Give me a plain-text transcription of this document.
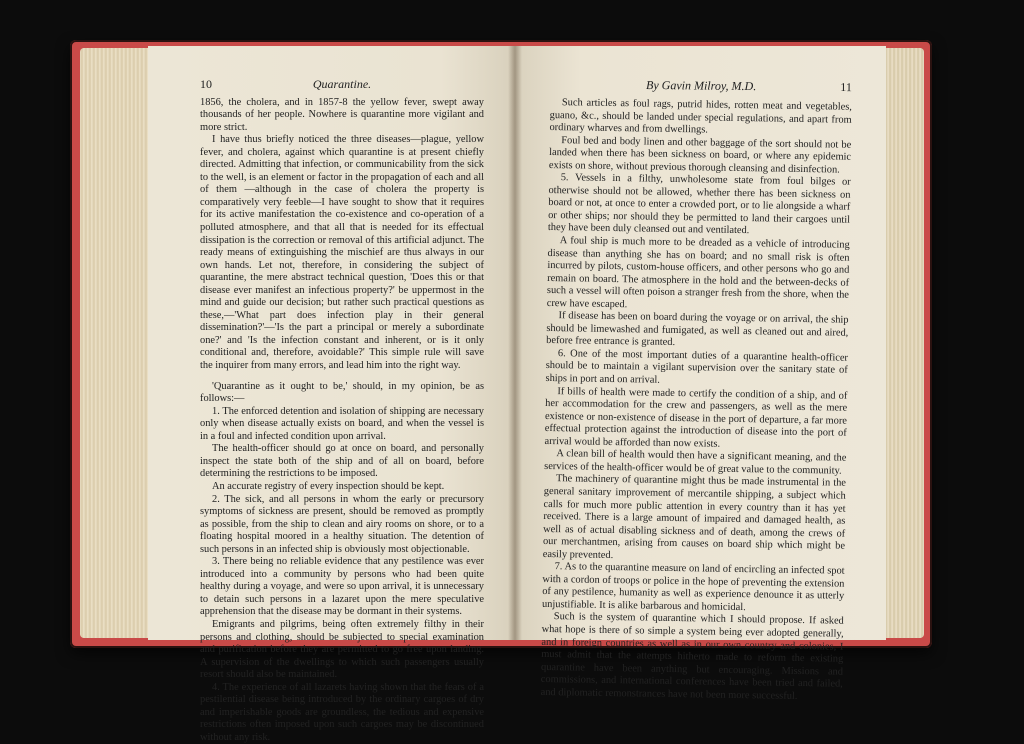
10	Quarantine.

1856, the cholera, and in 1857-8 the yellow fever, swept away thousands of her people. Nowhere is quarantine more vigilant and more strict.

I have thus briefly noticed the three diseases—plague, yellow fever, and cholera, against which quarantine is at present chiefly directed. Admitting that infection, or communicability from the sick to the well, is an element or factor in the propagation of each and all of them —although in the case of cholera the property is comparatively very feeble—I have sought to show that it requires for its active manifestation the co-existence and co-operation of a polluted atmosphere, and that all that is needed for its effectual dissipation is the correction or removal of this artificial adjunct. The ready means of extinguishing the mischief are thus always in our own hands. Let not, therefore, in considering the subject of quarantine, the mere abstract technical question, 'Does this or that disease ever manifest an infectious property?' be uppermost in the mind and guide our decision; but rather such practical questions as these,—'What part does infection play in their general dissemination?'—'Is the part a principal or merely a subordinate one?' and 'Is the infection constant and inherent, or is it only conditional and, therefore, avoidable?' This simple rule will save the inquirer from many errors, and lead him into the right way.

'Quarantine as it ought to be,' should, in my opinion, be as follows:—

1. The enforced detention and isolation of shipping are necessary only when disease actually exists on board, and when the vessel is in a foul and infected condition upon arrival.

The health-officer should go at once on board, and personally inspect the state both of the ship and of all on board, before determining the restrictions to be imposed.

An accurate registry of every inspection should be kept.

2. The sick, and all persons in whom the early or precursory symptoms of sickness are present, should be removed as promptly as possible, from the ship to clean and airy rooms on shore, or to a floating hospital moored in a healthy situation. The detention of such persons in an infected ship is obviously most objectionable.

3. There being no reliable evidence that any pestilence was ever introduced into a community by persons who had been quite healthy during a voyage, and were so upon arrival, it is unnecessary to detain such persons in a lazaret upon the mere speculative apprehension that the disease may be dormant in their systems.

Emigrants and pilgrims, being often extremely filthy in their persons and clothing, should be subjected to special examination and purification before they are permitted to go free upon landing. A supervision of the dwellings to which such passengers usually resort should also be maintained.

4. The experience of all lazarets having shown that the fears of a pestilential disease being introduced by the ordinary cargoes of dry and imperishable goods are groundless, the tedious and expensive restrictions often imposed upon such cargoes may be discontinued without any risk.

By Gavin Milroy, M.D.	11

Such articles as foul rags, putrid hides, rotten meat and vegetables, guano, &c., should be landed under special regulations, and apart from ordinary wharves and from dwellings.

Foul bed and body linen and other baggage of the sort should not be landed when there has been sickness on board, or where any epidemic exists on shore, without previous thorough cleansing and disinfection.

5. Vessels in a filthy, unwholesome state from foul bilges or otherwise should not be allowed, whether there has been sickness on board or not, at once to enter a crowded port, or to lie alongside a wharf or other ships; nor should they be permitted to land their cargoes until they have been duly cleansed out and ventilated.

A foul ship is much more to be dreaded as a vehicle of introducing disease than anything she has on board; and no small risk is often incurred by pilots, custom-house officers, and other persons who go and remain on board. The atmosphere in the hold and the between-decks of such a vessel will often poison a stranger fresh from the shore, when the crew have escaped.

If disease has been on board during the voyage or on arrival, the ship should be limewashed and fumigated, as well as cleaned out and aired, before free entrance is granted.

6. One of the most important duties of a quarantine health-officer should be to maintain a vigilant supervision over the sanitary state of ships in port and on arrival.

If bills of health were made to certify the condition of a ship, and of her accommodation for the crew and passengers, as well as the mere existence or non-existence of disease in the port of departure, a far more effectual protection against the introduction of disease into the port of arrival would be afforded than now exists.

A clean bill of health would then have a significant meaning, and the services of the health-officer would be of great value to the community.

The machinery of quarantine might thus be made instrumental in the general sanitary improvement of mercantile shipping, a subject which calls for much more public attention in every country than it has yet received. There is a large amount of impaired and damaged health, as well as of actual disabling sickness and of death, among the crews of our merchantmen, arising from causes on board ship which might be easily prevented.

7. As to the quarantine measure on land of encircling an infected spot with a cordon of troops or police in the hope of preventing the extension of any pestilence, humanity as well as experience denounce it as utterly unjustifiable. It is alike barbarous and homicidal.

Such is the system of quarantine which I should propose. If asked what hope is there of so simple a system being ever adopted generally, and in foreign countries as well as in our own country and colonies, I must admit that the attempts hitherto made to reform the existing quarantine have been anything but encouraging. Missions and commissions, and international conferences have been tried and failed, and diplomatic remonstrances have not been more successful.
